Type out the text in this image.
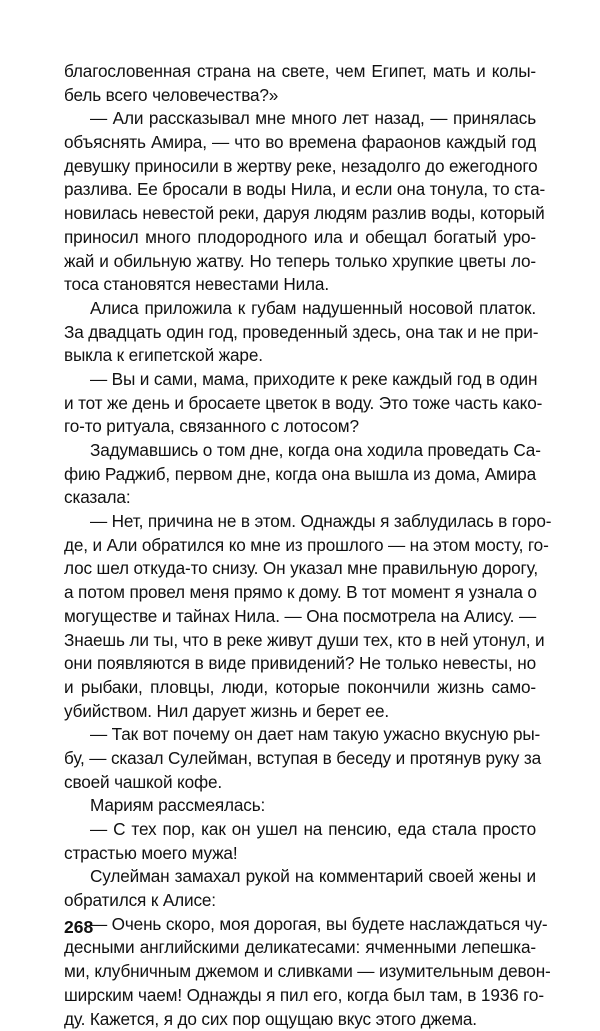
благословенная страна на свете, чем Египет, мать и колы-
бель всего человечества?»
— Али рассказывал мне много лет назад, — принялась
объяснять Амира, — что во времена фараонов каждый год
девушку приносили в жертву реке, незадолго до ежегодного
разлива. Ее бросали в воды Нила, и если она тонула, то ста-
новилась невестой реки, даруя людям разлив воды, который
приносил много плодородного ила и обещал богатый уро-
жай и обильную жатву. Но теперь только хрупкие цветы ло-
тоса становятся невестами Нила.
Алиса приложила к губам надушенный носовой платок.
За двадцать один год, проведенный здесь, она так и не при-
выкла к египетской жаре.
— Вы и сами, мама, приходите к реке каждый год в один
и тот же день и бросаете цветок в воду. Это тоже часть како-
го-то ритуала, связанного с лотосом?
Задумавшись о том дне, когда она ходила проведать Са-
фию Раджиб, первом дне, когда она вышла из дома, Амира
сказала:
— Нет, причина не в этом. Однажды я заблудилась в горо-
де, и Али обратился ко мне из прошлого — на этом мосту, го-
лос шел откуда-то снизу. Он указал мне правильную дорогу,
а потом провел меня прямо к дому. В тот момент я узнала о
могуществе и тайнах Нила. — Она посмотрела на Алису. —
Знаешь ли ты, что в реке живут души тех, кто в ней утонул, и
они появляются в виде привидений? Не только невесты, но
и рыбаки, пловцы, люди, которые покончили жизнь само-
убийством. Нил дарует жизнь и берет ее.
— Так вот почему он дает нам такую ужасно вкусную ры-
бу, — сказал Сулейман, вступая в беседу и протянув руку за
своей чашкой кофе.
Мариям рассмеялась:
— С тех пор, как он ушел на пенсию, еда стала просто
страстью моего мужа!
Сулейман замахал рукой на комментарий своей жены и
обратился к Алисе:
— Очень скоро, моя дорогая, вы будете наслаждаться чу-
десными английскими деликатесами: ячменными лепешка-
ми, клубничным джемом и сливками — изумительным девон-
ширским чаем! Однажды я пил его, когда был там, в 1936 го-
ду. Кажется, я до сих пор ощущаю вкус этого джема.
268
